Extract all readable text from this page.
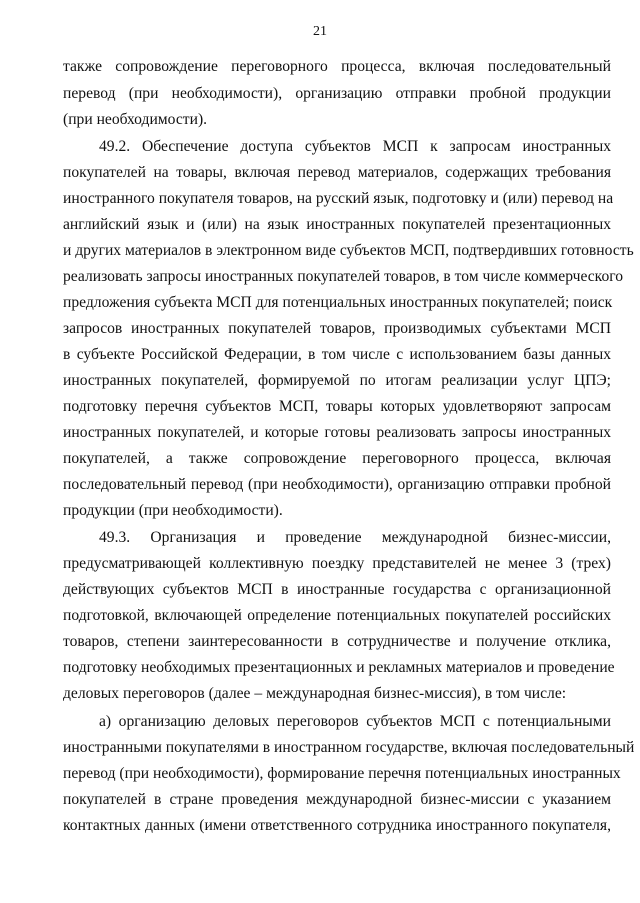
21
также сопровождение переговорного процесса, включая последовательный
перевод (при необходимости), организацию отправки пробной продукции
(при необходимости).
49.2. Обеспечение доступа субъектов МСП к запросам иностранных
покупателей на товары, включая перевод материалов, содержащих требования
иностранного покупателя товаров, на русский язык, подготовку и (или) перевод на
английский язык и (или) на язык иностранных покупателей презентационных
и других материалов в электронном виде субъектов МСП, подтвердивших готовность
реализовать запросы иностранных покупателей товаров, в том числе коммерческого
предложения субъекта МСП для потенциальных иностранных покупателей; поиск
запросов иностранных покупателей товаров, производимых субъектами МСП
в субъекте Российской Федерации, в том числе с использованием базы данных
иностранных покупателей, формируемой по итогам реализации услуг ЦПЭ;
подготовку перечня субъектов МСП, товары которых удовлетворяют запросам
иностранных покупателей, и которые готовы реализовать запросы иностранных
покупателей, а также сопровождение переговорного процесса, включая
последовательный перевод (при необходимости), организацию отправки пробной
продукции (при необходимости).
49.3. Организация и проведение международной бизнес-миссии,
предусматривающей коллективную поездку представителей не менее 3 (трех)
действующих субъектов МСП в иностранные государства с организационной
подготовкой, включающей определение потенциальных покупателей российских
товаров, степени заинтересованности в сотрудничестве и получение отклика,
подготовку необходимых презентационных и рекламных материалов и проведение
деловых переговоров (далее – международная бизнес-миссия), в том числе:
а) организацию деловых переговоров субъектов МСП с потенциальными
иностранными покупателями в иностранном государстве, включая последовательный
перевод (при необходимости), формирование перечня потенциальных иностранных
покупателей в стране проведения международной бизнес-миссии с указанием
контактных данных (имени ответственного сотрудника иностранного покупателя,
